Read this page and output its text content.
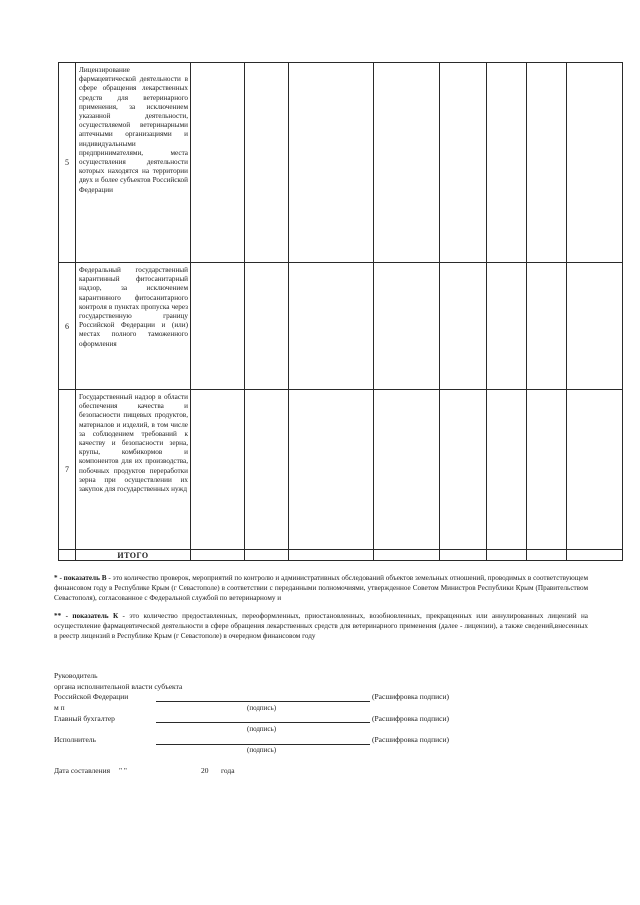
5	Лицензирование фармацевтической деятельности в сфере обращения лекарственных средств для ветеринарного применения, за исключением указанной деятельности, осуществляемой ветеринарными аптечными организациями и индивидуальными предпринимателями, места осуществления деятельности которых находятся на территории двух и более субъектов Российской Федерации								
6	Федеральный государственный карантинный фитосанитарный надзор, за исключением карантинного фитосанитарного контроля в пунктах пропуска через государственную границу Российской Федерации и (или) местах полного таможенного оформления								
7	Государственный надзор в области обеспечения качества и безопасности пищевых продуктов, материалов и изделий, в том числе за соблюдением требований к качеству и безопасности зерна, крупы, комбикормов и компонентов для их производства, побочных продуктов переработки зерна при осуществлении их закупок для государственных нужд								
	ИТОГО								
* - показатель В - это количество проверок, мероприятий по контролю и административных обследований объектов земельных отношений, проводимых в соответствующем финансовом году в Республике Крым (г Севастополе) в соответствии с переданными полномочиями, утвержденное Советом Министров Республики Крым (Правительством Севастополя), согласованное с Федеральной службой по ветеринарному и
** - показатель К - это количество предоставленных, переоформленных, приостановленных, возобновленных, прекращенных или аннулированных лицензий на осуществление фармацевтической деятельности в сфере обращения лекарственных средств для ветеринарного применения (далее - лицензии), а также сведений,внесенных в реестр лицензий в Республике Крым (г Севастополе) в очередном финансовом году
Руководитель
органа исполнительной власти субъекта
Российской Федерации	(Расшифровка подписи)
м п	(подпись)
Главный бухгалтер	(Расшифровка подписи)
(подпись)
Исполнитель	(Расшифровка подписи)
(подпись)
Дата составления " "	20 года
